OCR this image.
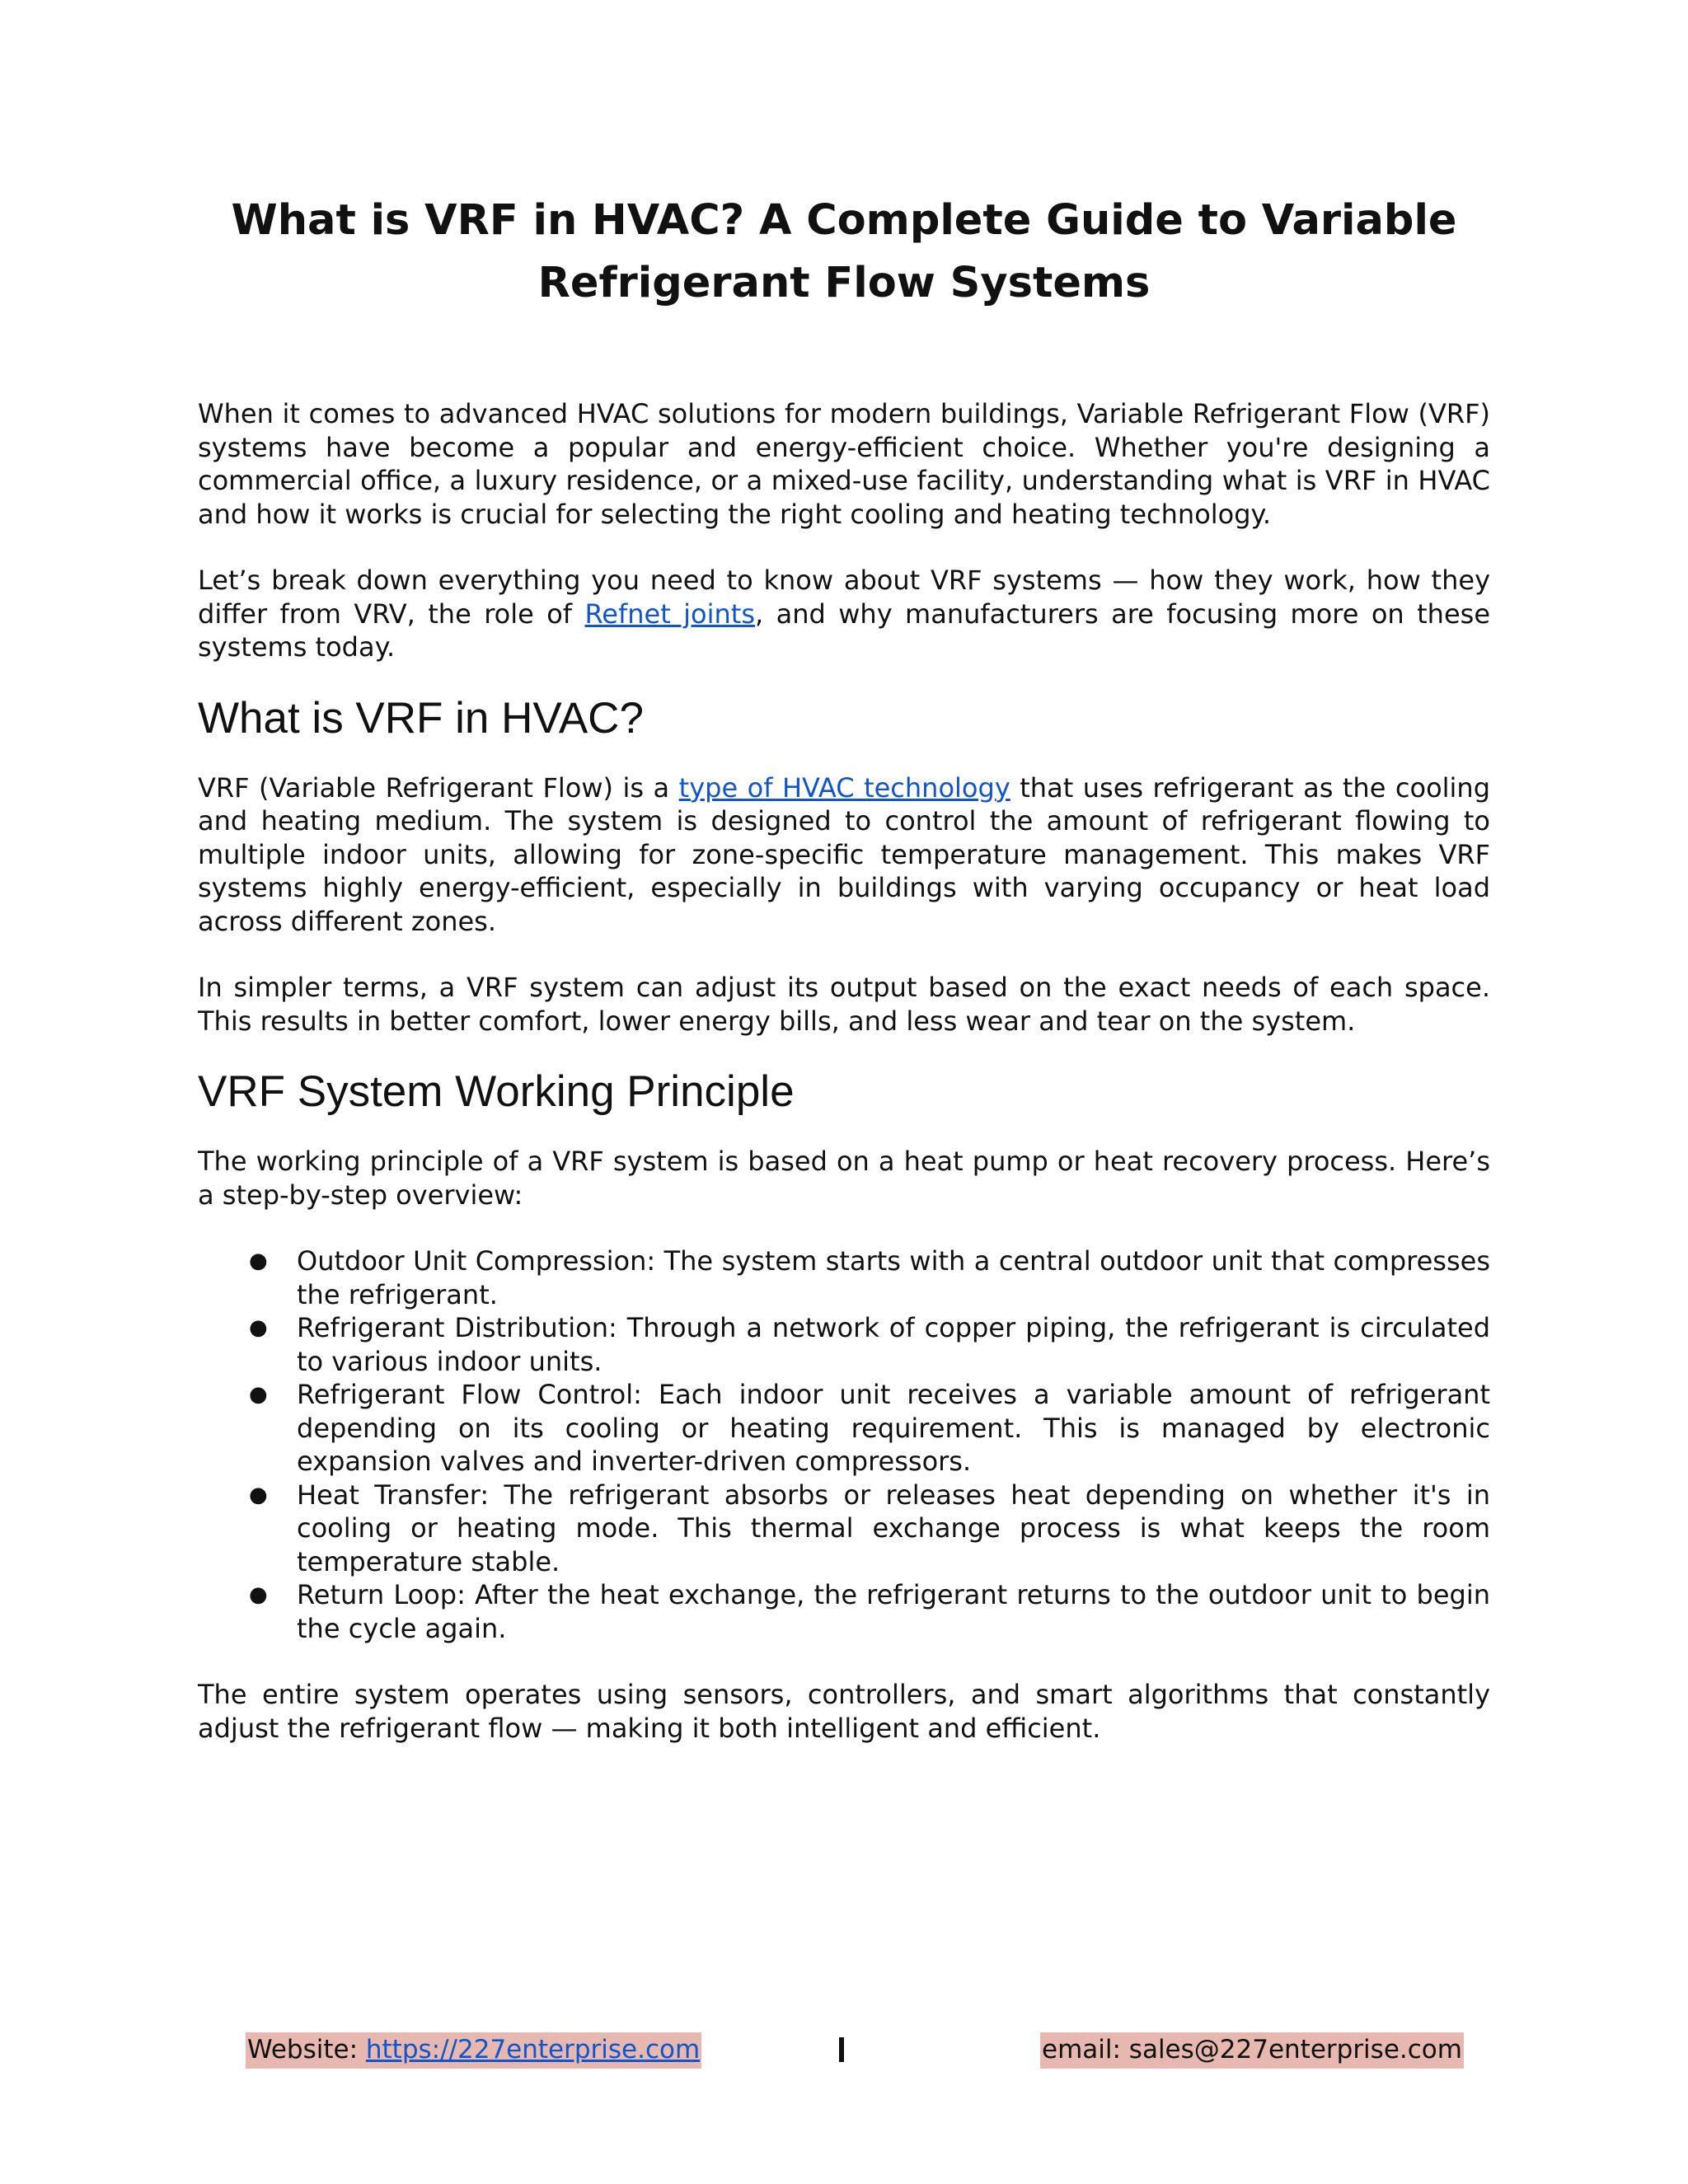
What is VRF in HVAC? A Complete Guide to Variable Refrigerant Flow Systems

When it comes to advanced HVAC solutions for modern buildings, Variable Refrigerant Flow (VRF) systems have become a popular and energy-efficient choice. Whether you're designing a commercial office, a luxury residence, or a mixed-use facility, understanding what is VRF in HVAC and how it works is crucial for selecting the right cooling and heating technology.

Let’s break down everything you need to know about VRF systems — how they work, how they differ from VRV, the role of Refnet joints, and why manufacturers are focusing more on these systems today.

What is VRF in HVAC?

VRF (Variable Refrigerant Flow) is a type of HVAC technology that uses refrigerant as the cooling and heating medium. The system is designed to control the amount of refrigerant flowing to multiple indoor units, allowing for zone-specific temperature management. This makes VRF systems highly energy-efficient, especially in buildings with varying occupancy or heat load across different zones.

In simpler terms, a VRF system can adjust its output based on the exact needs of each space. This results in better comfort, lower energy bills, and less wear and tear on the system.

VRF System Working Principle

The working principle of a VRF system is based on a heat pump or heat recovery process. Here’s a step-by-step overview:

● Outdoor Unit Compression: The system starts with a central outdoor unit that compresses the refrigerant.
● Refrigerant Distribution: Through a network of copper piping, the refrigerant is circulated to various indoor units.
● Refrigerant Flow Control: Each indoor unit receives a variable amount of refrigerant depending on its cooling or heating requirement. This is managed by electronic expansion valves and inverter-driven compressors.
● Heat Transfer: The refrigerant absorbs or releases heat depending on whether it's in cooling or heating mode. This thermal exchange process is what keeps the room temperature stable.
● Return Loop: After the heat exchange, the refrigerant returns to the outdoor unit to begin the cycle again.

The entire system operates using sensors, controllers, and smart algorithms that constantly adjust the refrigerant flow — making it both intelligent and efficient.

Website: https://227enterprise.com	email: sales@227enterprise.com
